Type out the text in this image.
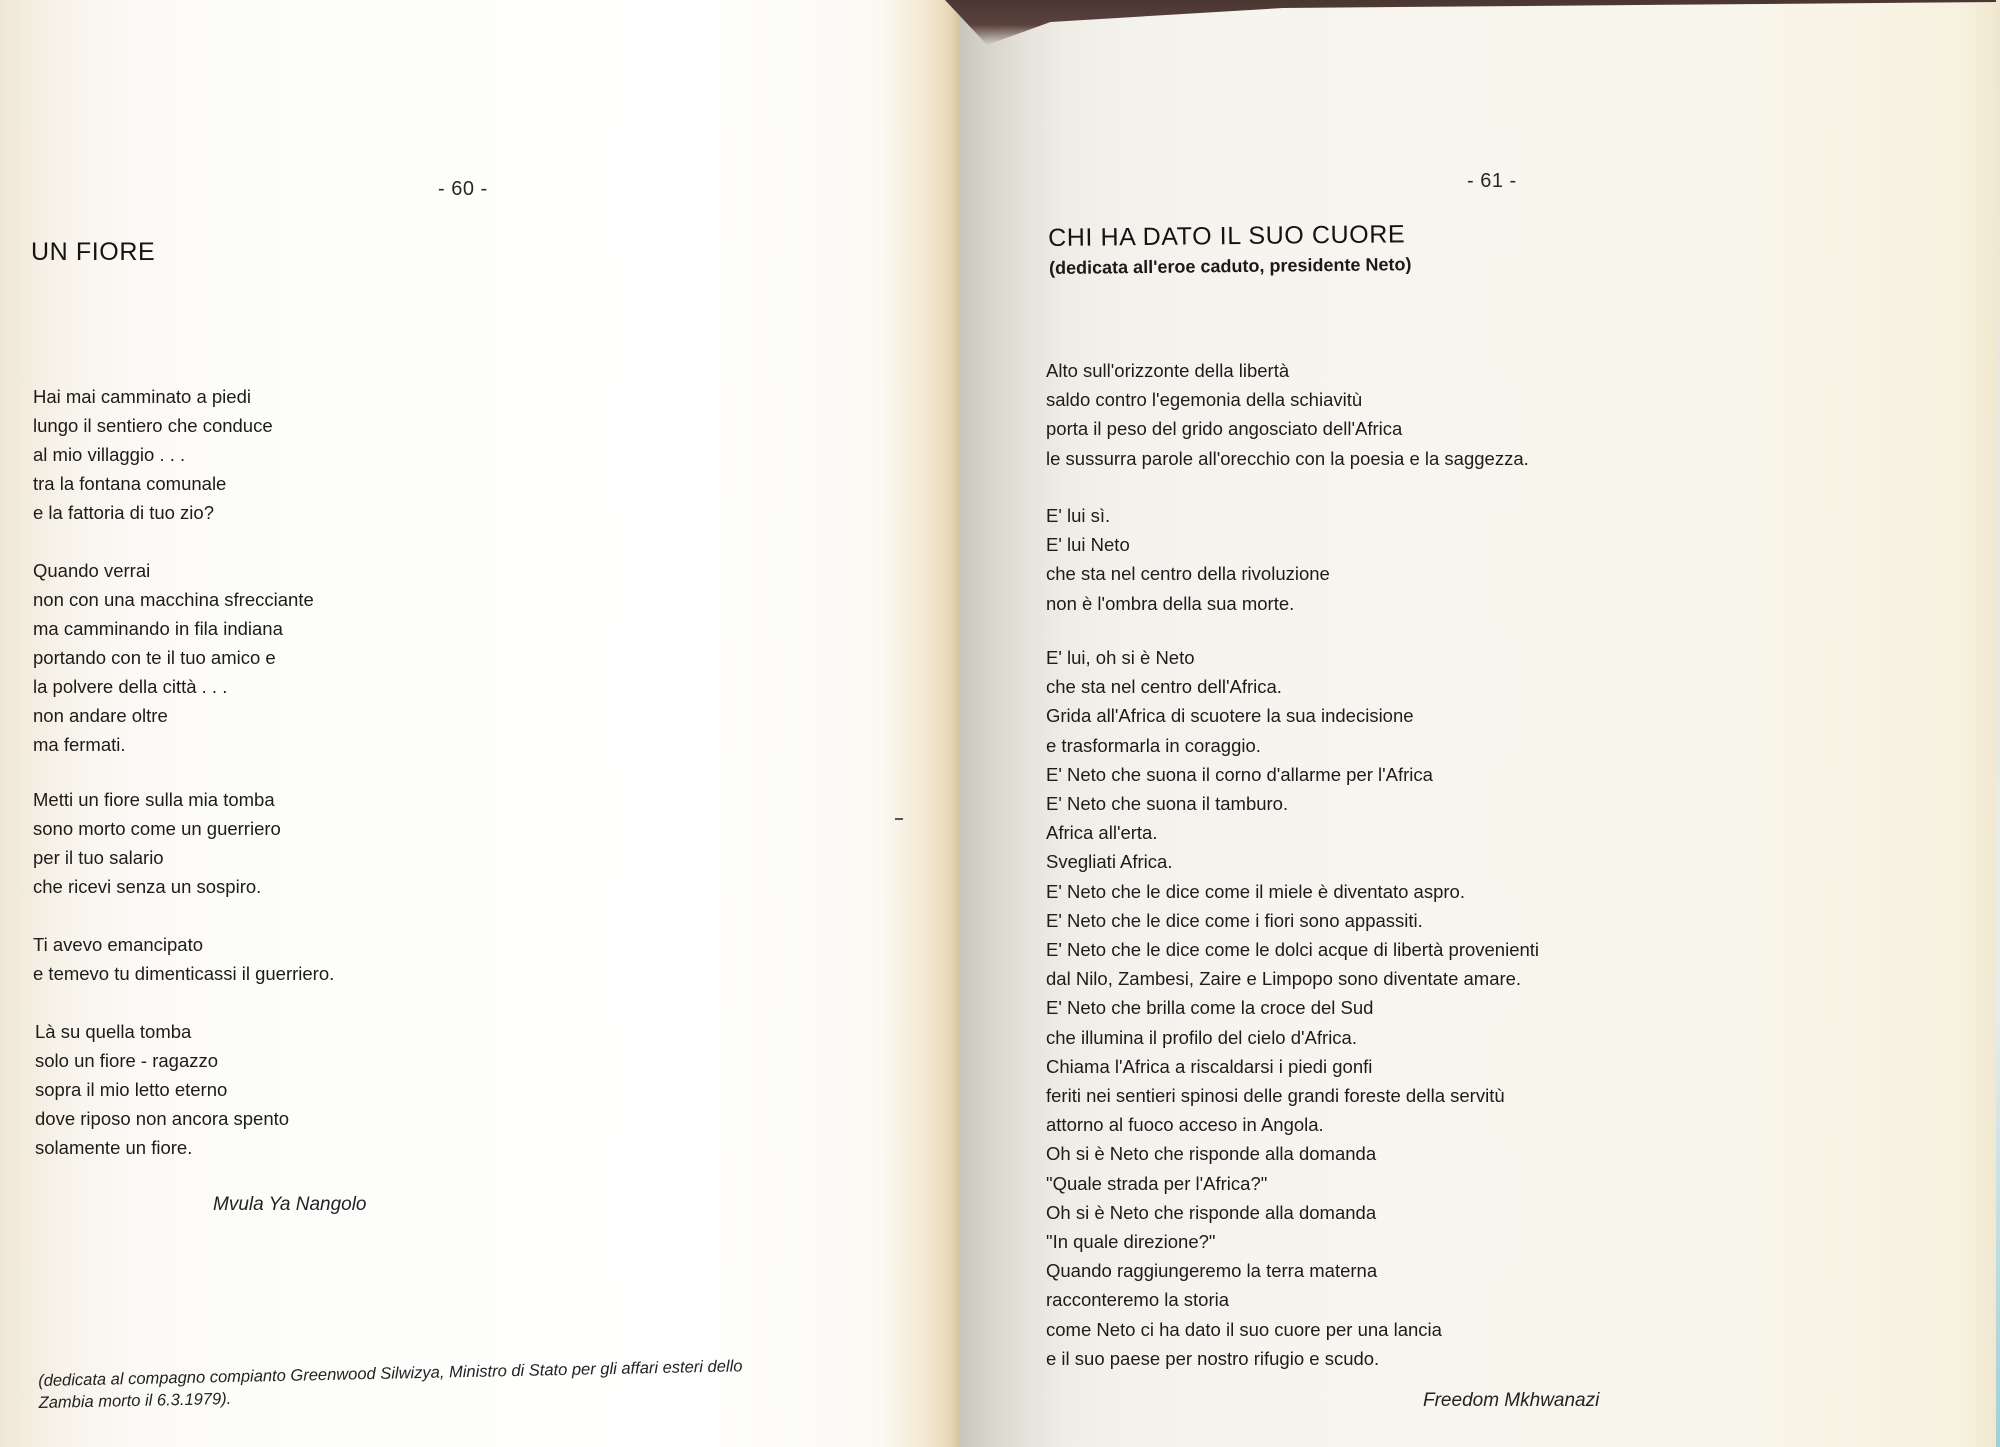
- 60 -
UN FIORE
Hai mai camminato a piedi
lungo il sentiero che conduce
al mio villaggio . . .
tra la fontana comunale
e la fattoria di tuo zio?
Quando verrai
non con una macchina sfrecciante
ma camminando in fila indiana
portando con te il tuo amico e
la polvere della città . . .
non andare oltre
ma fermati.
Metti un fiore sulla mia tomba
sono morto come un guerriero
per il tuo salario
che ricevi senza un sospiro.
Ti avevo emancipato
e temevo tu dimenticassi il guerriero.
Là su quella tomba
solo un fiore - ragazzo
sopra il mio letto eterno
dove riposo non ancora spento
solamente un fiore.
Mvula Ya Nangolo
(dedicata al compagno compianto Greenwood Silwizya, Ministro di Stato per gli affari esteri dello
Zambia morto il 6.3.1979).
- 61 -
CHI HA DATO IL SUO CUORE
(dedicata all'eroe caduto, presidente Neto)
Alto sull'orizzonte della libertà
saldo contro l'egemonia della schiavitù
porta il peso del grido angosciato dell'Africa
le sussurra parole all'orecchio con la poesia e la saggezza.
E' lui sì.
E' lui Neto
che sta nel centro della rivoluzione
non è l'ombra della sua morte.
E' lui, oh si è Neto
che sta nel centro dell'Africa.
Grida all'Africa di scuotere la sua indecisione
e trasformarla in coraggio.
E' Neto che suona il corno d'allarme per l'Africa
E' Neto che suona il tamburo.
Africa all'erta.
Svegliati Africa.
E' Neto che le dice come il miele è diventato aspro.
E' Neto che le dice come i fiori sono appassiti.
E' Neto che le dice come le dolci acque di libertà provenienti
dal Nilo, Zambesi, Zaire e Limpopo sono diventate amare.
E' Neto che brilla come la croce del Sud
che illumina il profilo del cielo d'Africa.
Chiama l'Africa a riscaldarsi i piedi gonfi
feriti nei sentieri spinosi delle grandi foreste della servitù
attorno al fuoco acceso in Angola.
Oh si è Neto che risponde alla domanda
"Quale strada per l'Africa?"
Oh si è Neto che risponde alla domanda
"In quale direzione?"
Quando raggiungeremo la terra materna
racconteremo la storia
come Neto ci ha dato il suo cuore per una lancia
e il suo paese per nostro rifugio e scudo.
Freedom Mkhwanazi
